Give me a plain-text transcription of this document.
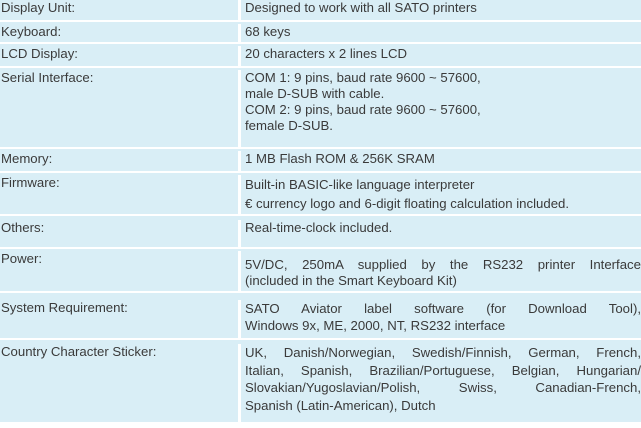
Display Unit:	Designed to work with all SATO printers
Keyboard:	68 keys
LCD Display:	20 characters x 2 lines LCD
Serial Interface:	COM 1: 9 pins, baud rate 9600 ~ 57600,
male D-SUB with cable.
COM 2: 9 pins, baud rate 9600 ~ 57600,
female D-SUB.
Memory:	1 MB Flash ROM & 256K SRAM
Firmware:	Built-in BASIC-like language interpreter
€ currency logo and 6-digit floating calculation included.
Others:	Real-time-clock included.
Power:	5V/DC, 250mA supplied by the RS232 printer Interface
(included in the Smart Keyboard Kit)
System Requirement:	SATO Aviator label software (for Download Tool),
Windows 9x, ME, 2000, NT, RS232 interface
Country Character Sticker:	UK, Danish/Norwegian, Swedish/Finnish, German, French,
Italian, Spanish, Brazilian/Portuguese, Belgian, Hungarian/
Slovakian/Yugoslavian/Polish, Swiss, Canadian-French,
Spanish (Latin-American), Dutch
